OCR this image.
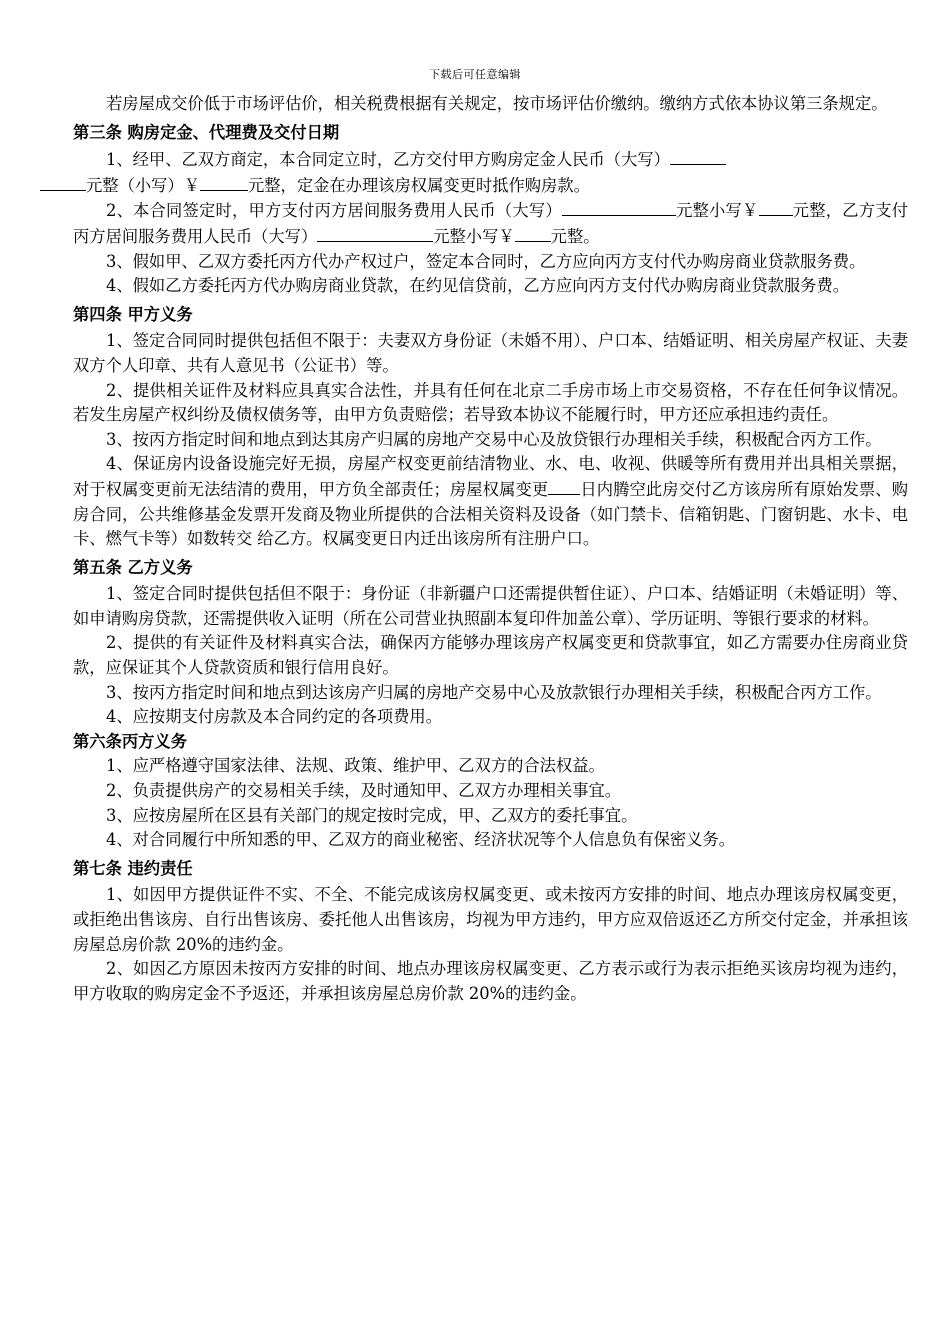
下载后可任意编辑

若房屋成交价低于市场评估价，相关税费根据有关规定，按市场评估价缴纳。缴纳方式依本协议第三条规定。

第三条 购房定金、代理费及交付日期

1、经甲、乙双方商定，本合同定立时，乙方交付甲方购房定金人民币（大写）
元整（小写）￥	元整，定金在办理该房权属变更时抵作购房款。

2、本合同签定时，甲方支付丙方居间服务费用人民币（大写）	元整小写￥ 元整，乙方支付丙方居间服务费用人民币（大写）	元整小写￥ 元整。

3、假如甲、乙双方委托丙方代办产权过户，签定本合同时，乙方应向丙方支付代办购房商业贷款服务费。

4、假如乙方委托丙方代办购房商业贷款，在约见信贷前，乙方应向丙方支付代办购房商业贷款服务费。

第四条 甲方义务

1、签定合同同时提供包括但不限于：夫妻双方身份证（未婚不用）、户口本、结婚证明、相关房屋产权证、夫妻双方个人印章、共有人意见书（公证书）等。

2、提供相关证件及材料应具真实合法性，并具有任何在北京二手房市场上市交易资格，不存在任何争议情况。若发生房屋产权纠纷及债权债务等，由甲方负责赔偿；若导致本协议不能履行时，甲方还应承担违约责任。

3、按丙方指定时间和地点到达其房产归属的房地产交易中心及放贷银行办理相关手续，积极配合丙方工作。

4、保证房内设备设施完好无损，房屋产权变更前结清物业、水、电、收视、供暖等所有费用并出具相关票据，对于权属变更前无法结清的费用，甲方负全部责任；房屋权属变更 日内腾空此房交付乙方该房所有原始发票、购房合同，公共维修基金发票开发商及物业所提供的合法相关资料及设备（如门禁卡、信箱钥匙、门窗钥匙、水卡、电卡、燃气卡等）如数转交 给乙方。权属变更日内迁出该房所有注册户口。

第五条 乙方义务

1、签定合同时提供包括但不限于：身份证（非新疆户口还需提供暂住证）、户口本、结婚证明（未婚证明）等、如申请购房贷款，还需提供收入证明（所在公司营业执照副本复印件加盖公章）、学历证明、等银行要求的材料。

2、提供的有关证件及材料真实合法，确保丙方能够办理该房产权属变更和贷款事宜，如乙方需要办住房商业贷款，应保证其个人贷款资质和银行信用良好。

3、按丙方指定时间和地点到达该房产归属的房地产交易中心及放款银行办理相关手续，积极配合丙方工作。

4、应按期支付房款及本合同约定的各项费用。

第六条丙方义务

1、应严格遵守国家法律、法规、政策、维护甲、乙双方的合法权益。

2、负责提供房产的交易相关手续，及时通知甲、乙双方办理相关事宜。

3、应按房屋所在区县有关部门的规定按时完成，甲、乙双方的委托事宜。

4、对合同履行中所知悉的甲、乙双方的商业秘密、经济状况等个人信息负有保密义务。

第七条 违约责任

1、如因甲方提供证件不实、不全、不能完成该房权属变更、或未按丙方安排的时间、地点办理该房权属变更，或拒绝出售该房、自行出售该房、委托他人出售该房，均视为甲方违约，甲方应双倍返还乙方所交付定金，并承担该房屋总房价款 20%的违约金。

2、如因乙方原因未按丙方安排的时间、地点办理该房权属变更、乙方表示或行为表示拒绝买该房均视为违约，甲方收取的购房定金不予返还，并承担该房屋总房价款 20%的违约金。
